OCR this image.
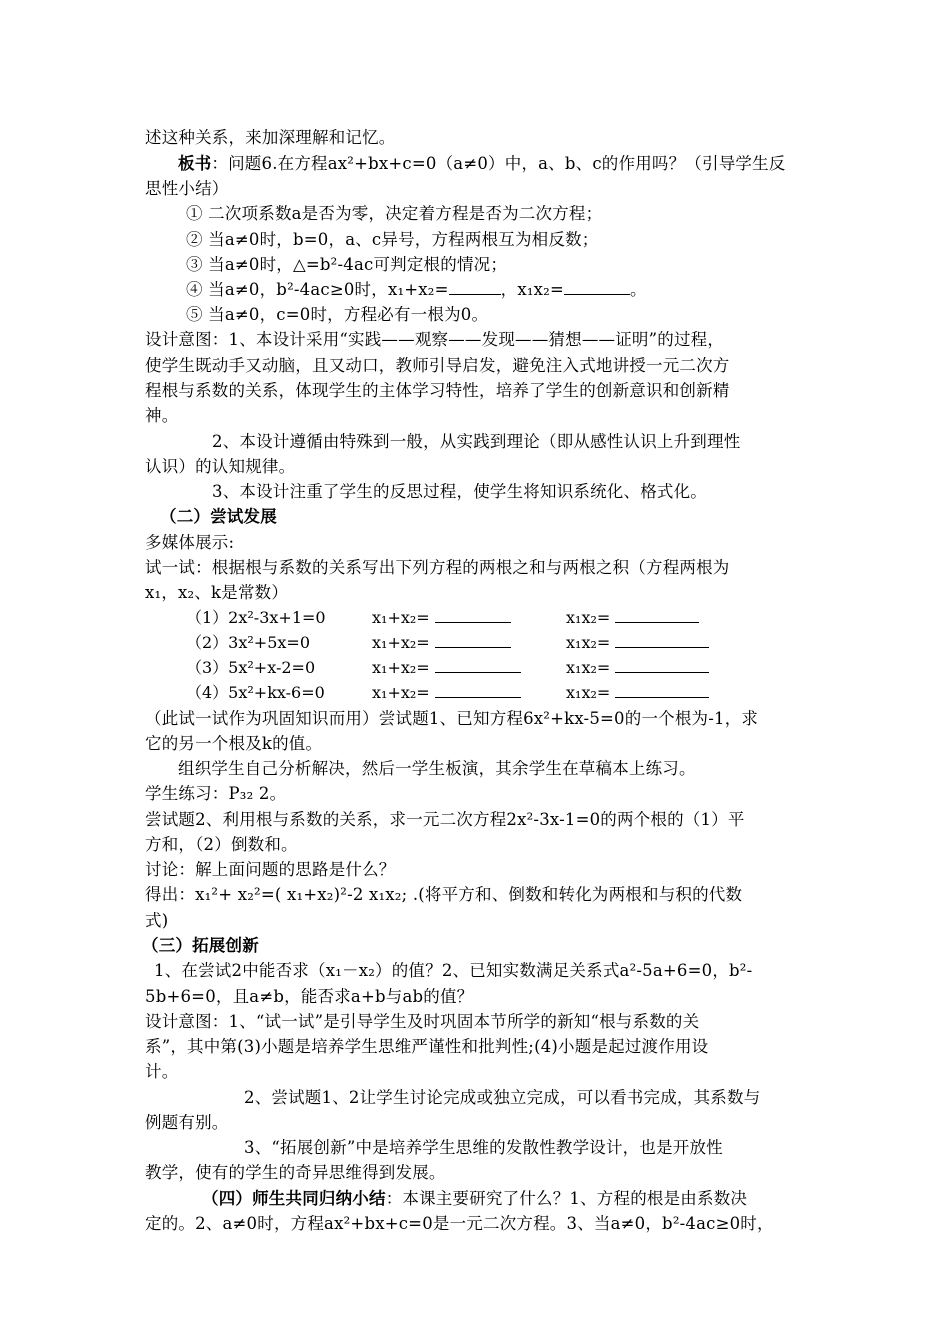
述这种关系，来加深理解和记忆。
板书：问题6.在方程ax²+bx+c=0（a≠0）中，a、b、c的作用吗？（引导学生反
思性小结）
① 二次项系数a是否为零，决定着方程是否为二次方程；
② 当a≠0时，b=0，a、c异号，方程两根互为相反数；
③ 当a≠0时，△=b²-4ac可判定根的情况；
④ 当a≠0，b²-4ac≥0时，x₁+x₂=	，x₁x₂=	。
⑤ 当a≠0，c=0时，方程必有一根为0。
设计意图：1、本设计采用“实践——观察——发现——猜想——证明”的过程，
使学生既动手又动脑，且又动口，教师引导启发，避免注入式地讲授一元二次方
程根与系数的关系，体现学生的主体学习特性，培养了学生的创新意识和创新精
神。
2、本设计遵循由特殊到一般，从实践到理论（即从感性认识上升到理性
认识）的认知规律。
3、本设计注重了学生的反思过程，使学生将知识系统化、格式化。
（二）尝试发展
多媒体展示:
试一试：根据根与系数的关系写出下列方程的两根之和与两根之积（方程两根为
x₁，x₂、k是常数）
（1）2x²-3x+1=0	x₁+x₂=	x₁x₂=
（2）3x²+5x=0	x₁+x₂=	x₁x₂=
（3）5x²+x-2=0	x₁+x₂=	x₁x₂=
（4）5x²+kx-6=0	x₁+x₂=	x₁x₂=
（此试一试作为巩固知识而用）尝试题1、已知方程6x²+kx-5=0的一个根为-1，求
它的另一个根及k的值。
组织学生自己分析解决，然后一学生板演，其余学生在草稿本上练习。
学生练习：P₃₂ 2。
尝试题2、利用根与系数的关系，求一元二次方程2x²-3x-1=0的两个根的（1）平
方和，（2）倒数和。
讨论：解上面问题的思路是什么？
得出：x₁²+ x₂²=( x₁+x₂)²-2 x₁x₂; .(将平方和、倒数和转化为两根和与积的代数
式)
（三）拓展创新
1、在尝试2中能否求（x₁－x₂）的值？2、已知实数满足关系式a²-5a+6=0，b²-
5b+6=0，且a≠b，能否求a+b与ab的值？
设计意图：1、“试一试”是引导学生及时巩固本节所学的新知“根与系数的关
系”，其中第(3)小题是培养学生思维严谨性和批判性;(4)小题是起过渡作用设
计。
2、尝试题1、2让学生讨论完成或独立完成，可以看书完成，其系数与
例题有别。
3、“拓展创新”中是培养学生思维的发散性教学设计，也是开放性
教学，使有的学生的奇异思维得到发展。
（四）师生共同归纳小结：本课主要研究了什么？1、方程的根是由系数决
定的。2、a≠0时，方程ax²+bx+c=0是一元二次方程。3、当a≠0，b²-4ac≥0时，
